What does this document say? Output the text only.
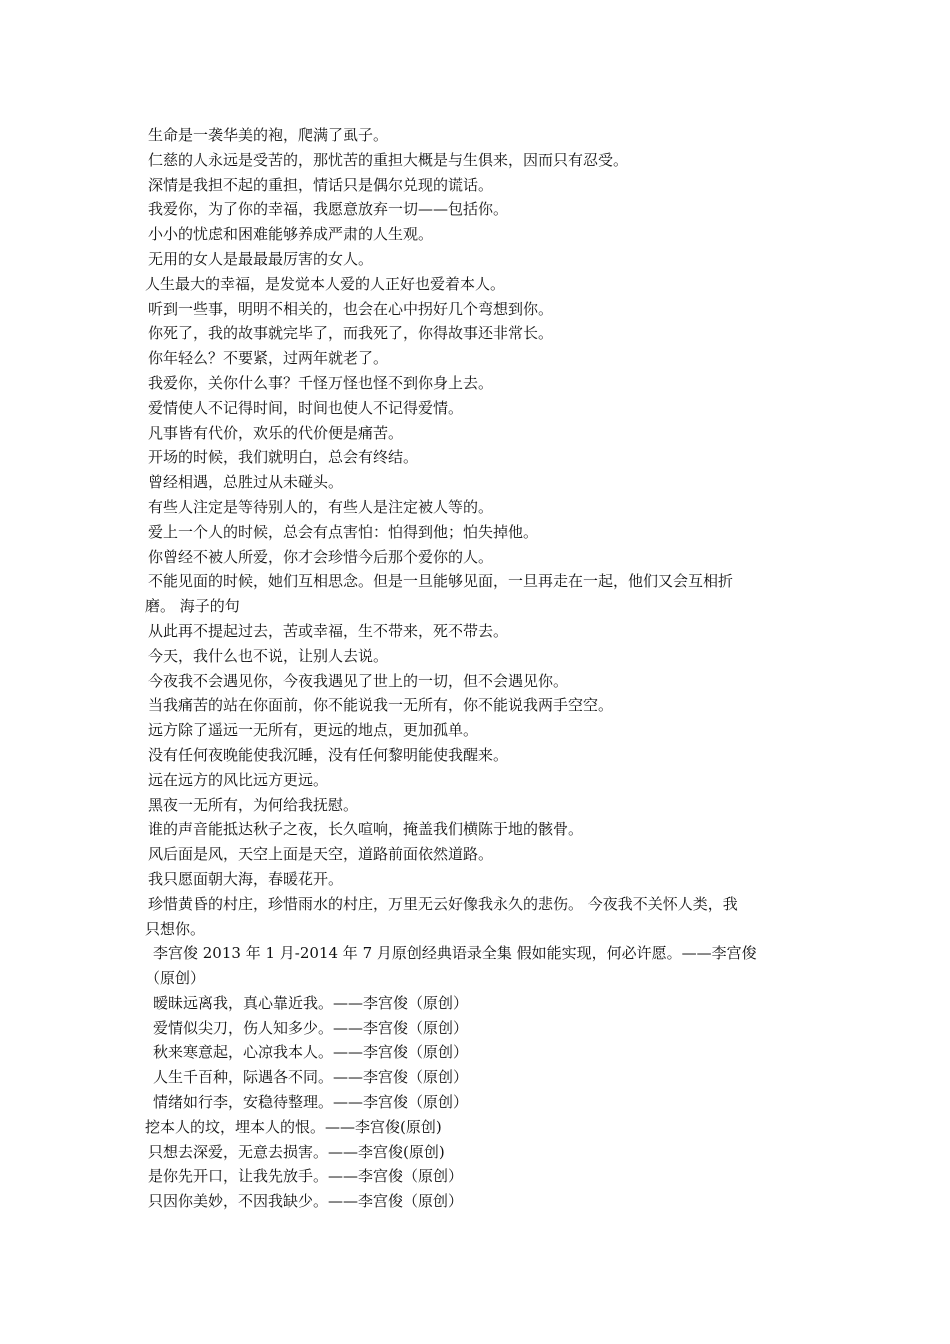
生命是一袭华美的袍，爬满了虱子。

仁慈的人永远是受苦的，那忧苦的重担大概是与生俱来，因而只有忍受。

深情是我担不起的重担，情话只是偶尔兑现的谎话。

我爱你，为了你的幸福，我愿意放弃一切——包括你。

小小的忧虑和困难能够养成严肃的人生观。

无用的女人是最最最厉害的女人。

人生最大的幸福，是发觉本人爱的人正好也爱着本人。

听到一些事，明明不相关的，也会在心中拐好几个弯想到你。

你死了，我的故事就完毕了，而我死了，你得故事还非常长。

你年轻么？不要紧，过两年就老了。

我爱你，关你什么事？千怪万怪也怪不到你身上去。

爱情使人不记得时间，时间也使人不记得爱情。

凡事皆有代价，欢乐的代价便是痛苦。

开场的时候，我们就明白，总会有终结。

曾经相遇，总胜过从未碰头。

有些人注定是等待别人的，有些人是注定被人等的。

爱上一个人的时候，总会有点害怕：怕得到他；怕失掉他。

你曾经不被人所爱，你才会珍惜今后那个爱你的人。

不能见面的时候，她们互相思念。但是一旦能够见面，一旦再走在一起，他们又会互相折

磨。 海子的句

从此再不提起过去，苦或幸福，生不带来，死不带去。

今天，我什么也不说，让别人去说。

今夜我不会遇见你，今夜我遇见了世上的一切，但不会遇见你。

当我痛苦的站在你面前，你不能说我一无所有，你不能说我两手空空。

远方除了遥远一无所有，更远的地点，更加孤单。

没有任何夜晚能使我沉睡，没有任何黎明能使我醒来。

远在远方的风比远方更远。

黑夜一无所有，为何给我抚慰。

谁的声音能抵达秋子之夜，长久喧响，掩盖我们横陈于地的骸骨。

风后面是风，天空上面是天空，道路前面依然道路。

我只愿面朝大海，春暖花开。

珍惜黄昏的村庄，珍惜雨水的村庄，万里无云好像我永久的悲伤。 今夜我不关怀人类，我

只想你。

李宫俊 2013 年 1 月-2014 年 7 月原创经典语录全集 假如能实现，何必许愿。——李宫俊

（原创）

暧昧远离我，真心靠近我。——李宫俊（原创）

爱情似尖刀，伤人知多少。——李宫俊（原创）

秋来寒意起，心凉我本人。——李宫俊（原创）

人生千百种，际遇各不同。——李宫俊（原创）

情绪如行李，安稳待整理。——李宫俊（原创）

挖本人的坟，埋本人的恨。——李宫俊(原创)

只想去深爱，无意去损害。——李宫俊(原创)

是你先开口，让我先放手。——李宫俊（原创）

只因你美妙，不因我缺少。——李宫俊（原创）
